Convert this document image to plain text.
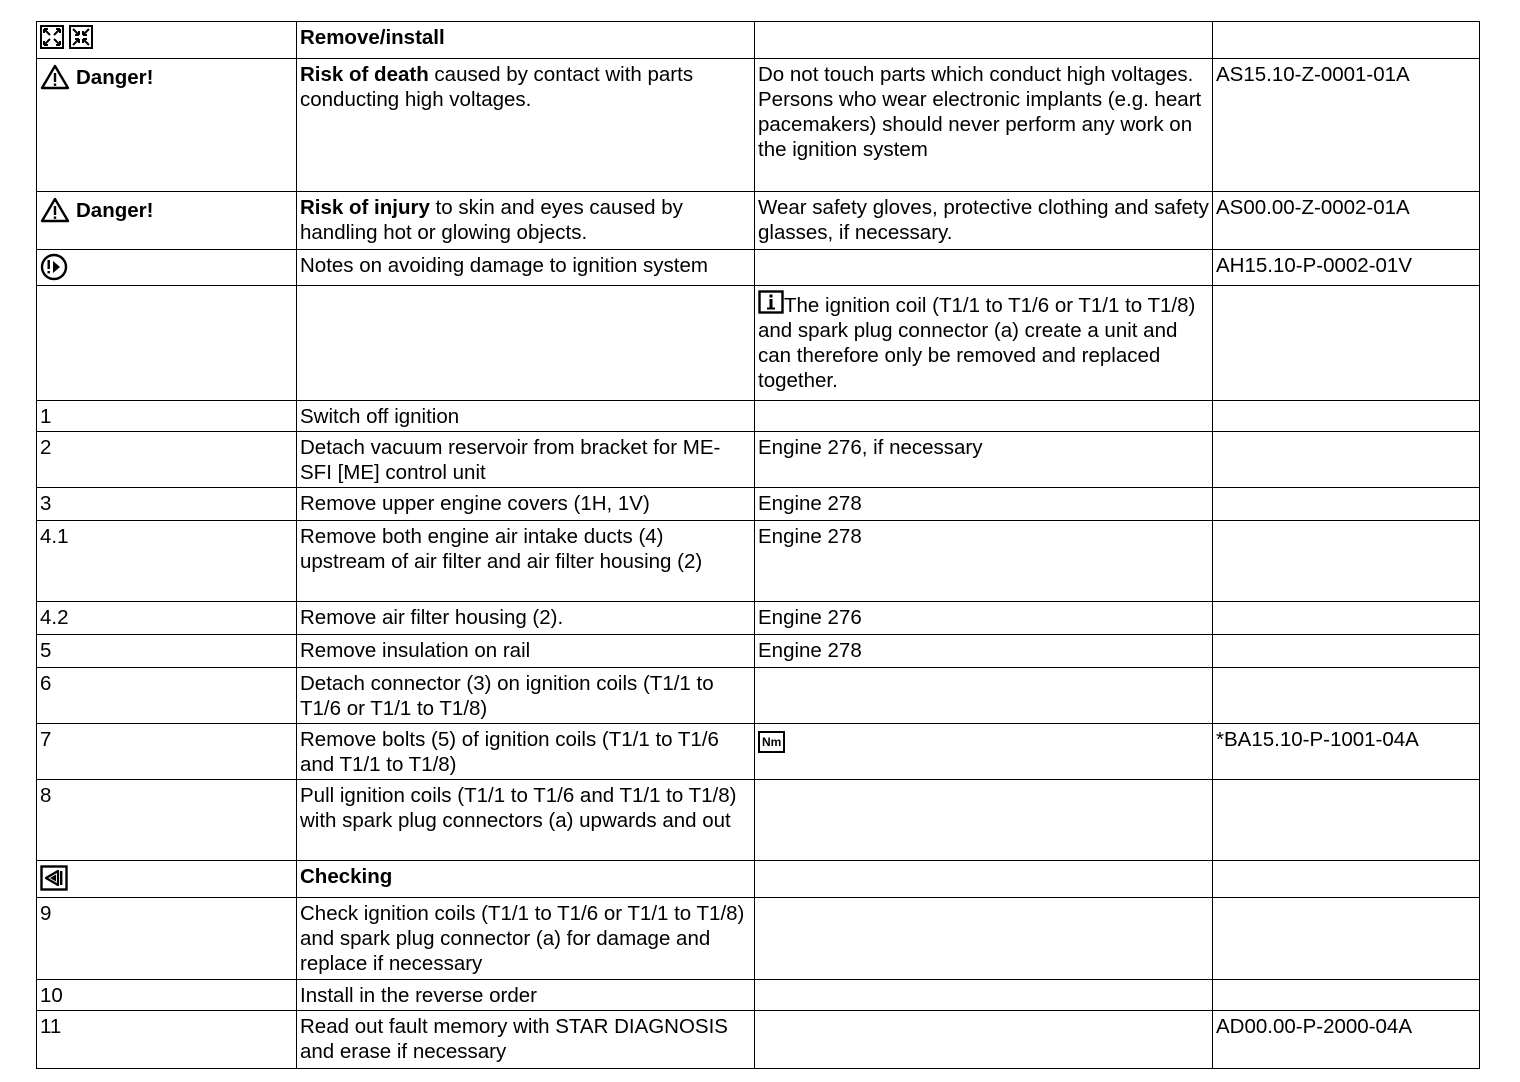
	Remove/install		

Danger!	Risk of death caused by contact with parts conducting high voltages.	Do not touch parts which conduct high voltages. Persons who wear electronic implants (e.g. heart pacemakers) should never perform any work on the ignition system	AS15.10-Z-0001-01A

Danger!	Risk of injury to skin and eyes caused by handling hot or glowing objects.	Wear safety gloves, protective clothing and safety glasses, if necessary.	AS00.00-Z-0002-01A
	Notes on avoiding damage to ignition system		AH15.10-P-0002-01V
		The ignition coil (T1/1 to T1/6 or T1/1 to T1/8) and spark plug connector (a) create a unit and can therefore only be removed and replaced together.	
1	Switch off ignition		
2	Detach vacuum reservoir from bracket for ME-SFI [ME] control unit	Engine 276, if necessary	
3	Remove upper engine covers (1H, 1V)	Engine 278	
4.1	Remove both engine air intake ducts (4) upstream of air filter and air filter housing (2)	Engine 278	
4.2	Remove air filter housing (2).	Engine 276	
5	Remove insulation on rail	Engine 278	
6	Detach connector (3) on ignition coils (T1/1 to T1/6 or T1/1 to T1/8)		
7	Remove bolts (5) of ignition coils (T1/1 to T1/6 and T1/1 to T1/8)	Nm	*BA15.10-P-1001-04A
8	Pull ignition coils (T1/1 to T1/6 and T1/1 to T1/8) with spark plug connectors (a) upwards and out		
	Checking		
9	Check ignition coils (T1/1 to T1/6 or T1/1 to T1/8) and spark plug connector (a) for damage and replace if necessary		
10	Install in the reverse order		
11	Read out fault memory with STAR DIAGNOSIS and erase if necessary		AD00.00-P-2000-04A
